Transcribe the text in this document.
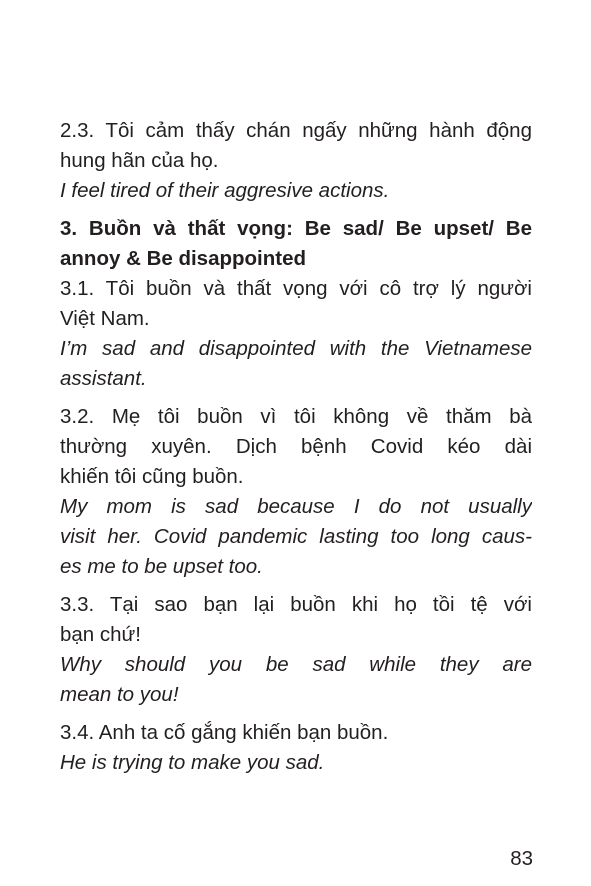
2.3. Tôi cảm thấy chán ngấy những hành động
hung hãn của họ.
I feel tired of their aggresive actions.
3. Buồn và thất vọng: Be sad/ Be upset/ Be
annoy & Be disappointed
3.1. Tôi buồn và thất vọng với cô trợ lý người
Việt Nam.
I’m sad and disappointed with the Vietnamese
assistant.
3.2. Mẹ tôi buồn vì tôi không về thăm bà
thường xuyên. Dịch bệnh Covid kéo dài
khiến tôi cũng buồn.
My mom is sad because I do not usually
visit her. Covid pandemic lasting too long caus-
es me to be upset too.
3.3. Tại sao bạn lại buồn khi họ tồi tệ với
bạn chứ!
Why should you be sad while they are
mean to you!
3.4. Anh ta cố gắng khiến bạn buồn.
He is trying to make you sad.
83
